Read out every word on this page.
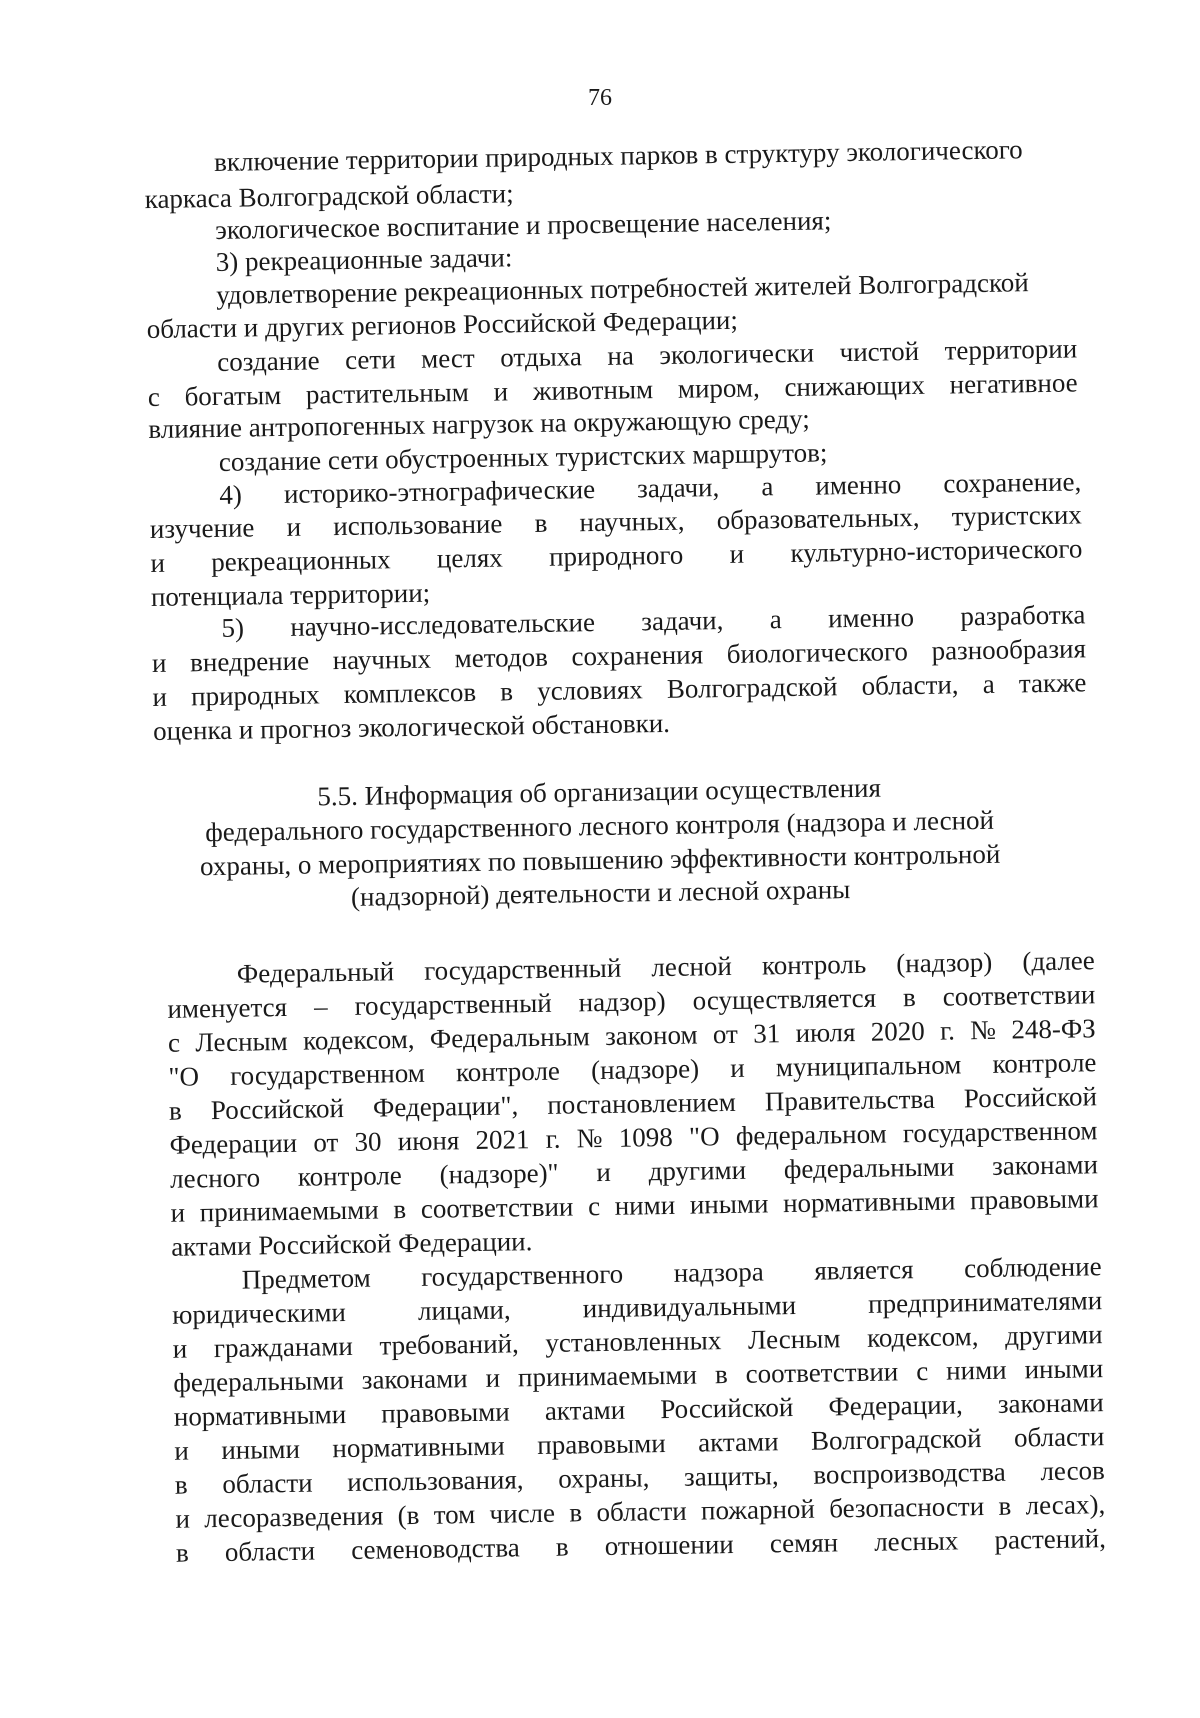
76
включение территории природных парков в структуру экологического
каркаса Волгоградской области;
экологическое воспитание и просвещение населения;
3) рекреационные задачи:
удовлетворение рекреационных потребностей жителей Волгоградской
области и других регионов Российской Федерации;
создание сети мест отдыха на экологически чистой территории
с богатым растительным и животным миром, снижающих негативное
влияние антропогенных нагрузок на окружающую среду;
создание сети обустроенных туристских маршрутов;
4) историко-этнографические задачи, а именно сохранение,
изучение и использование в научных, образовательных, туристских
и рекреационных целях природного и культурно-исторического
потенциала территории;
5) научно-исследовательские задачи, а именно разработка
и внедрение научных методов сохранения биологического разнообразия
и природных комплексов в условиях Волгоградской области, а также
оценка и прогноз экологической обстановки.
5.5. Информация об организации осуществления
федерального государственного лесного контроля (надзора и лесной
охраны, о мероприятиях по повышению эффективности контрольной
(надзорной) деятельности и лесной охраны
Федеральный государственный лесной контроль (надзор) (далее
именуется – государственный надзор) осуществляется в соответствии
с Лесным кодексом, Федеральным законом от 31 июля 2020 г. № 248-ФЗ
"О государственном контроле (надзоре) и муниципальном контроле
в Российской Федерации", постановлением Правительства Российской
Федерации от 30 июня 2021 г. № 1098 "О федеральном государственном
лесного контроле (надзоре)" и другими федеральными законами
и принимаемыми в соответствии с ними иными нормативными правовыми
актами Российской Федерации.
Предметом государственного надзора является соблюдение
юридическими	лицами,	индивидуальными	предпринимателями
и гражданами требований, установленных Лесным кодексом, другими
федеральными законами и принимаемыми в соответствии с ними иными
нормативными правовыми актами Российской Федерации, законами
и иными нормативными правовыми актами Волгоградской области
в области использования, охраны, защиты, воспроизводства лесов
и лесоразведения (в том числе в области пожарной безопасности в лесах),
в области семеноводства в отношении семян лесных растений,
